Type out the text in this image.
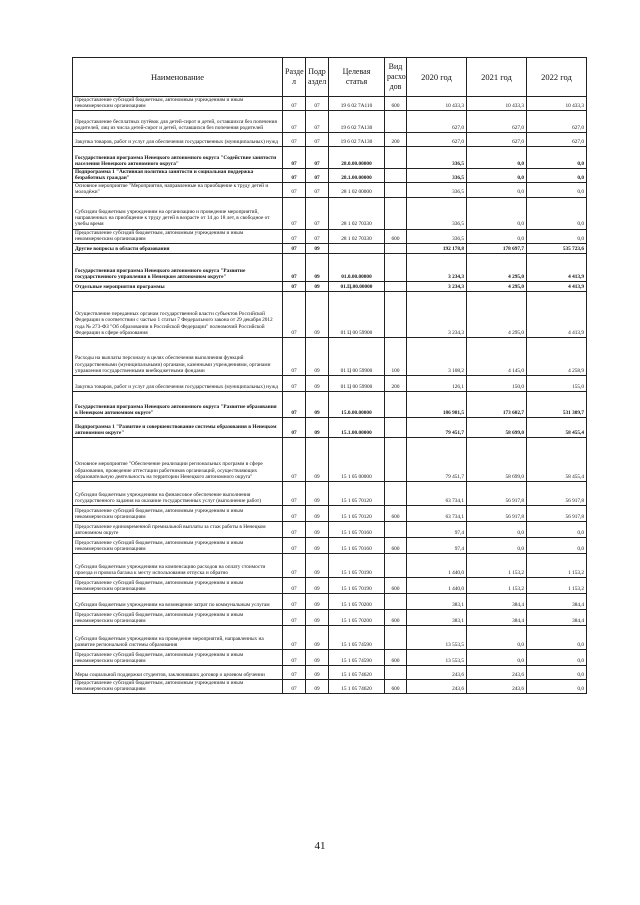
Наименование	Разде л	Подр аздел	Целевая статья	Вид расхо дов	2020 год	2021 год	2022 год
Предоставление субсидий бюджетным, автономным учреждениям и иным некоммерческим организациям	07	07	19 6 02 7А110	600	10 433,3	10 433,3	10 433,3
Предоставление бесплатных путёвок для детей-сирот и детей, оставшихся без попечения родителей, лиц из числа детей-сирот и детей, оставшихся без попечения родителей	07	07	19 6 02 7А130		627,0	627,0	627,0
Закупка товаров, работ и услуг для обеспечения государственных (муниципальных) нужд	07	07	19 6 02 7А130	200	627,0	627,0	627,0
Государственная программа Ненецкого автономного округа "Содействие занятости населения Ненецкого автономного округа"	07	07	28.0.00.00000		336,5	0,0	0,0
Подпрограмма 1 "Активная политика занятости и социальная поддержка безработных граждан"	07	07	28.1.00.00000		336,5	0,0	0,0
Основное мероприятие "Мероприятия, направленные на приобщение к труду детей и молодёжи"	07	07	28 1 02 00000		336,5	0,0	0,0
Субсидии бюджетным учреждениям на организацию и проведение мероприятий, направленных на приобщение к труду детей в возрасте от 14 до 18 лет, в свободное от учебы время	07	07	28 1 02 70330		336,5	0,0	0,0
Предоставление субсидий бюджетным, автономным учреждениям и иным некоммерческим организациям	07	07	28 1 02 70330	600	336,5	0,0	0,0
Другие вопросы в области образования	07	09			192 178,8	178 697,7	535 723,6
Государственная программа Ненецкого автономного округа "Развитие государственного управления в Ненецком автономном округе"	07	09	01.0.00.00000		3 234,3	4 295,0	4 413,9
Отдельные мероприятия программы	07	09	01.Ц.00.00000		3 234,3	4 295,0	4 413,9
Осуществление переданных органам государственной власти субъектов Российской Федерации в соответствии с частью 1 статьи 7 Федерального закона от 29 декабря 2012 года № 273-ФЗ "Об образовании в Российской Федерации" полномочий Российской Федерации в сфере образования	07	09	01 Ц 00 59900		3 234,3	4 295,0	4 413,9
Расходы на выплаты персоналу в целях обеспечения выполнения функций государственными (муниципальными) органами, казенными учреждениями, органами управления государственными внебюджетными фондами	07	09	01 Ц 00 59900	100	3 108,2	4 145,0	4 258,9
Закупка товаров, работ и услуг для обеспечения государственных (муниципальных) нужд	07	09	01 Ц 00 59900	200	126,1	150,0	155,0
Государственная программа Ненецкого автономного округа "Развитие образования в Ненецком автономном округе"	07	09	15.0.00.00000		186 981,5	173 602,7	531 309,7
Подпрограмма 1 "Развитие и совершенствование системы образования в Ненецком автономном округе"	07	09	15.1.00.00000		79 451,7	58 699,0	58 455,4
Основное мероприятие "Обеспечение реализации региональных программ в сфере образования, проведение аттестации работников организаций, осуществляющих образовательную деятельность на территории Ненецкого автономного округа"	07	09	15 1 05 00000		79 451,7	58 699,0	58 455,4
Субсидии бюджетным учреждениям на финансовое обеспечение выполнения государственного задания на оказание государственных услуг (выполнение работ)	07	09	15 1 05 70120		63 734,1	56 917,8	56 917,8
Предоставление субсидий бюджетным, автономным учреждениям и иным некоммерческим организациям	07	09	15 1 05 70120	600	63 734,1	56 917,8	56 917,8
Предоставление единовременной премиальной выплаты за стаж работы в Ненецком автономном округе	07	09	15 1 05 70160		97,4	0,0	0,0
Предоставление субсидий бюджетным, автономным учреждениям и иным некоммерческим организациям	07	09	15 1 05 70160	600	97,4	0,0	0,0
Субсидии бюджетным учреждениям на компенсацию расходов на оплату стоимости проезда и провоза багажа к месту использования отпуска и обратно	07	09	15 1 05 70190		1 440,0	1 153,2	1 153,2
Предоставление субсидий бюджетным, автономным учреждениям и иным некоммерческим организациям	07	09	15 1 05 70190	600	1 440,0	1 153,2	1 153,2
Субсидии бюджетным учреждениям на возмещение затрат по коммунальным услугам	07	09	15 1 05 70200		383,1	384,4	384,4
Предоставление субсидий бюджетным, автономным учреждениям и иным некоммерческим организациям	07	09	15 1 05 70200	600	383,1	384,4	384,4
Субсидии бюджетным учреждениям на проведение мероприятий, направленных на развитие региональной системы образования	07	09	15 1 05 74590		13 553,5	0,0	0,0
Предоставление субсидий бюджетным, автономным учреждениям и иным некоммерческим организациям	07	09	15 1 05 74590	600	13 553,5	0,0	0,0
Меры социальной поддержки студентов, заключивших договор о целевом обучении	07	09	15 1 05 74620		243,6	243,6	0,0
Предоставление субсидий бюджетным, автономным учреждениям и иным некоммерческим организациям	07	09	15 1 05 74620	600	243,6	243,6	0,0
41
